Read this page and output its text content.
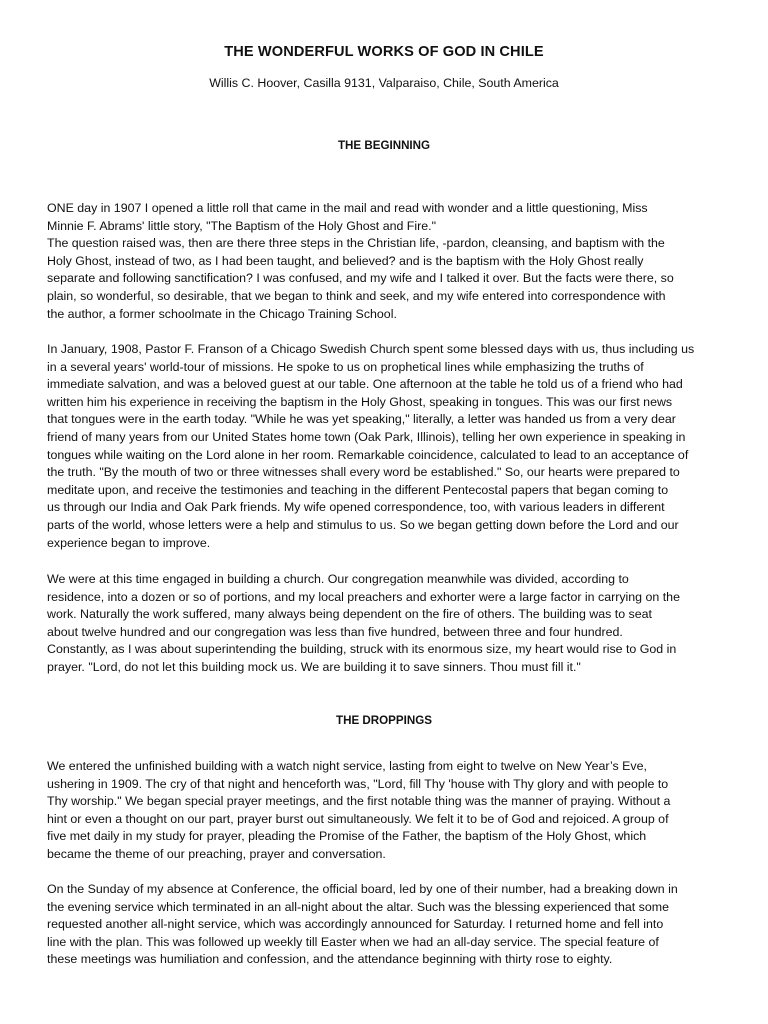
THE WONDERFUL WORKS OF GOD IN CHILE
Willis C. Hoover, Casilla 9131, Valparaiso, Chile, South America
THE BEGINNING
THE DROPPINGS
ONE day in 1907 I opened a little roll that came in the mail and read with wonder and a little questioning, Miss
Minnie F. Abrams' little story, "The Baptism of the Holy Ghost and Fire."
The question raised was, then are there three steps in the Christian life, -pardon, cleansing, and baptism with the
Holy Ghost, instead of two, as I had been taught, and believed? and is the baptism with the Holy Ghost really
separate and following sanctification? I was confused, and my wife and I talked it over. But the facts were there, so
plain, so wonderful, so desirable, that we began to think and seek, and my wife entered into correspondence with
the author, a former schoolmate in the Chicago Training School.
In January, 1908, Pastor F. Franson of a Chicago Swedish Church spent some blessed days with us, thus including us
in a several years' world-tour of missions. He spoke to us on prophetical lines while emphasizing the truths of
immediate salvation, and was a beloved guest at our table. One afternoon at the table he told us of a friend who had
written him his experience in receiving the baptism in the Holy Ghost, speaking in tongues. This was our first news
that tongues were in the earth today. "While he was yet speaking," literally, a letter was handed us from a very dear
friend of many years from our United States home town (Oak Park, Illinois), telling her own experience in speaking in
tongues while waiting on the Lord alone in her room. Remarkable coincidence, calculated to lead to an acceptance of
the truth. "By the mouth of two or three witnesses shall every word be established." So, our hearts were prepared to
meditate upon, and receive the testimonies and teaching in the different Pentecostal papers that began coming to
us through our India and Oak Park friends. My wife opened correspondence, too, with various leaders in different
parts of the world, whose letters were a help and stimulus to us. So we began getting down before the Lord and our
experience began to improve.
We were at this time engaged in building a church. Our congregation meanwhile was divided, according to
residence, into a dozen or so of portions, and my local preachers and exhorter were a large factor in carrying on the
work. Naturally the work suffered, many always being dependent on the fire of others. The building was to seat
about twelve hundred and our congregation was less than five hundred, between three and four hundred.
Constantly, as I was about superintending the building, struck with its enormous size, my heart would rise to God in
prayer. "Lord, do not let this building mock us. We are building it to save sinners. Thou must fill it."
We entered the unfinished building with a watch night service, lasting from eight to twelve on New Year’s Eve,
ushering in 1909. The cry of that night and henceforth was, "Lord, fill Thy 'house with Thy glory and with people to
Thy worship." We began special prayer meetings, and the first notable thing was the manner of praying. Without a
hint or even a thought on our part, prayer burst out simultaneously. We felt it to be of God and rejoiced. A group of
five met daily in my study for prayer, pleading the Promise of the Father, the baptism of the Holy Ghost, which
became the theme of our preaching, prayer and conversation.
On the Sunday of my absence at Conference, the official board, led by one of their number, had a breaking down in
the evening service which terminated in an all-night about the altar. Such was the blessing experienced that some
requested another all-night service, which was accordingly announced for Saturday. I returned home and fell into
line with the plan. This was followed up weekly till Easter when we had an all-day service. The special feature of
these meetings was humiliation and confession, and the attendance beginning with thirty rose to eighty.
